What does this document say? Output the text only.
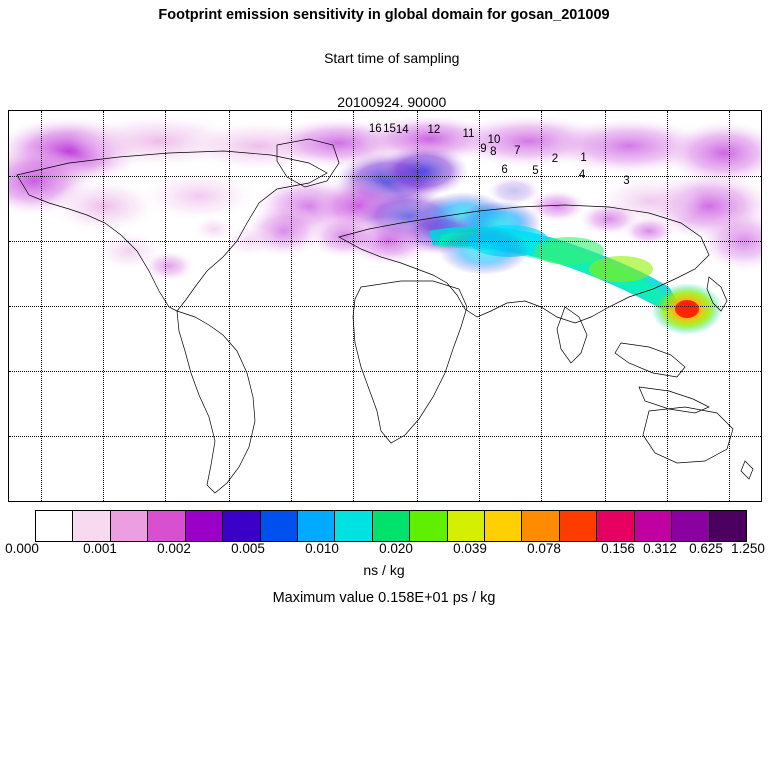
Footprint emission sensitivity in global domain for gosan_201009

Start time of sampling

20100924. 90000

16 15 14 12 11
10
9 8 7
6 5	4
3
2 1
0.000	0.001	0.002	0.005	0.010	0.020	0.039	0.078	0.156 0.312 0.625 1.250
ns / kg
Maximum value 0.158E+01 ps / kg
